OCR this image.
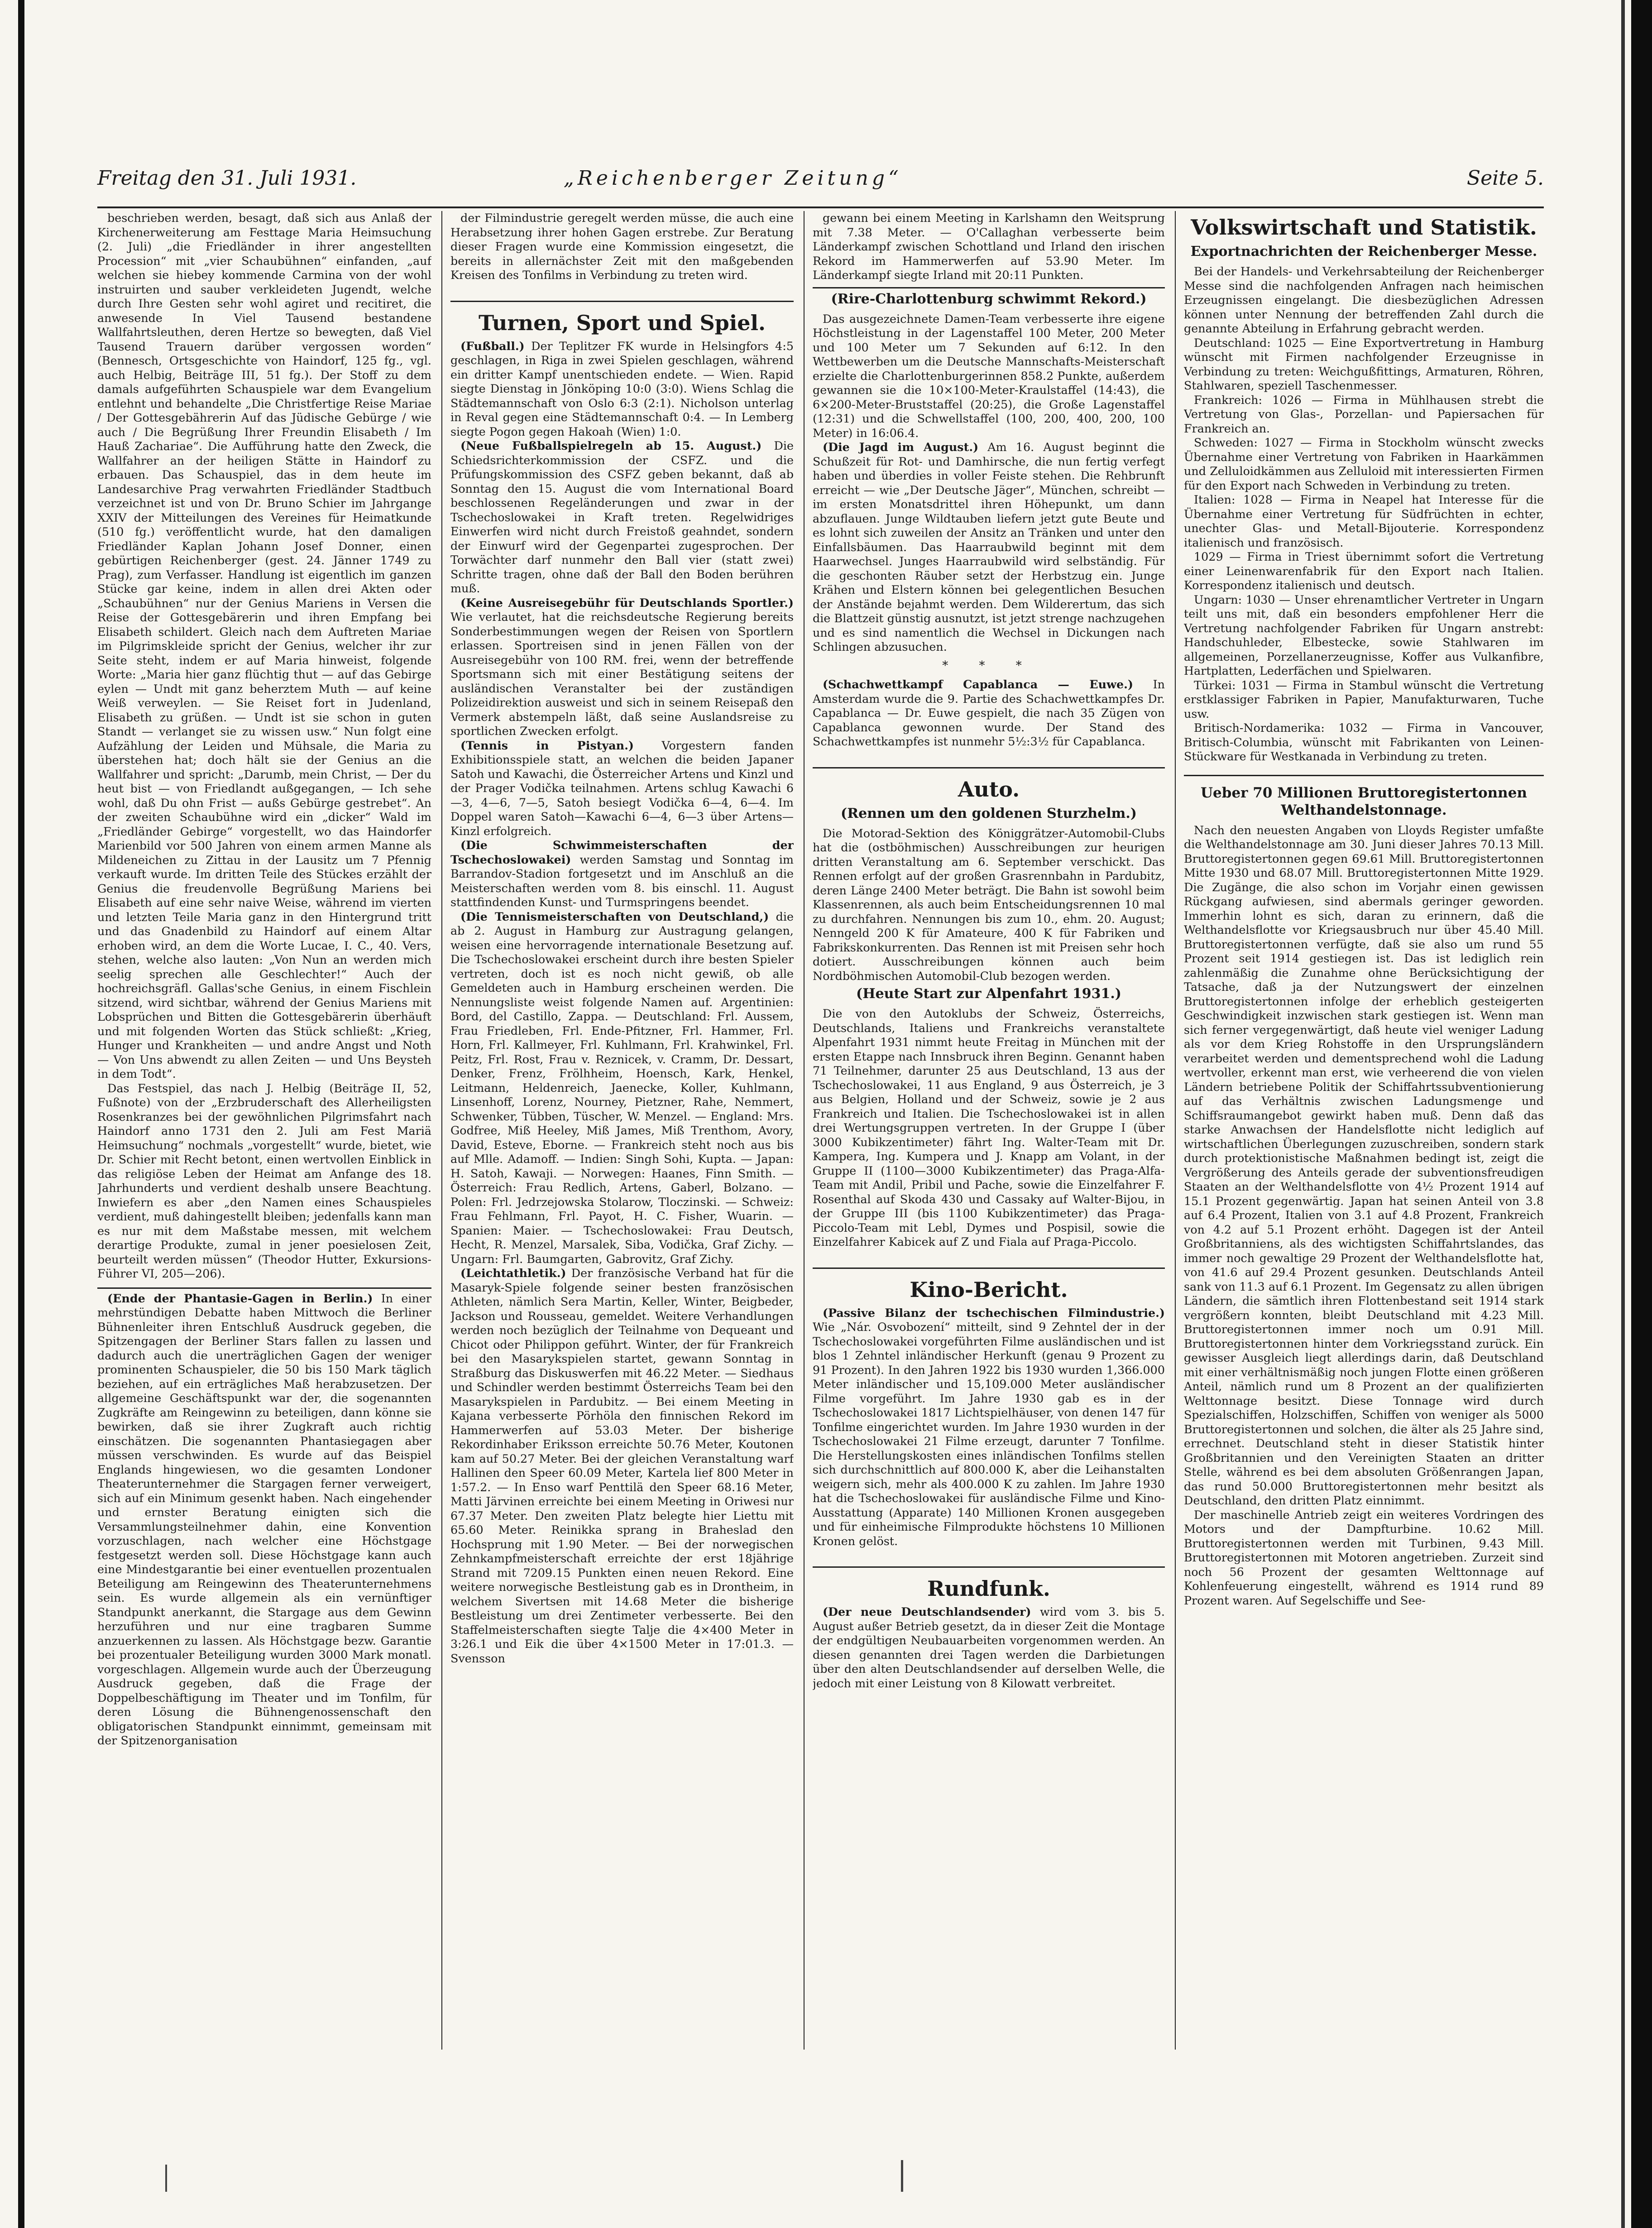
Freitag den 31. Juli 1931.	„Reichenberger Zeitung“	Seite 5.

beschrieben werden, besagt, daß sich aus Anlaß der Kirchenerweiterung am Festtage Maria Heimsuchung (2. Juli) „die Friedländer in ihrer angestellten Procession“ mit „vier Schaubühnen“ einfanden, „auf welchen sie hiebey kommende Carmina von der wohl instruirten und sauber verkleideten Jugendt, welche durch Ihre Gesten sehr wohl agiret und recitiret, die anwesende In Viel Tausend bestandene Wallfahrtsleuthen, deren Hertze so bewegten, daß Viel Tausend Trauern darüber vergossen worden“ (Bennesch, Ortsgeschichte von Haindorf, 125 fg., vgl. auch Helbig, Beiträge III, 51 fg.). Der Stoff zu dem damals aufgeführten Schauspiele war dem Evangelium entlehnt und behandelte „Die Christfertige Reise Mariae / Der Gottesgebährerin Auf das Jüdische Gebürge / wie auch / Die Begrüßung Ihrer Freundin Elisabeth / Im Hauß Zachariae“. Die Aufführung hatte den Zweck, die Wallfahrer an der heiligen Stätte in Haindorf zu erbauen. Das Schauspiel, das in dem heute im Landesarchive Prag verwahrten Friedländer Stadtbuch verzeichnet ist und von Dr. Bruno Schier im Jahrgange XXIV der Mitteilungen des Vereines für Heimatkunde (510 fg.) veröffentlicht wurde, hat den damaligen Friedländer Kaplan Johann Josef Donner, einen gebürtigen Reichenberger (gest. 24. Jänner 1749 zu Prag), zum Verfasser. Handlung ist eigentlich im ganzen Stücke gar keine, indem in allen drei Akten oder „Schaubühnen“ nur der Genius Mariens in Versen die Reise der Gottesgebärerin und ihren Empfang bei Elisabeth schildert. Gleich nach dem Auftreten Mariae im Pilgrimskleide spricht der Genius, welcher ihr zur Seite steht, indem er auf Maria hinweist, folgende Worte: „Maria hier ganz flüchtig thut — auf das Gebirge eylen — Undt mit ganz beherztem Muth — auf keine Weiß verweylen. — Sie Reiset fort in Judenland, Elisabeth zu grüßen. — Undt ist sie schon in guten Standt — verlanget sie zu wissen usw.“ Nun folgt eine Aufzählung der Leiden und Mühsale, die Maria zu überstehen hat; doch hält sie der Genius an die Wallfahrer und spricht: „Darumb, mein Christ, — Der du heut bist — von Friedlandt außgegangen, — Ich sehe wohl, daß Du ohn Frist — außs Gebürge gestrebet“. An der zweiten Schaubühne wird ein „dicker“ Wald im „Friedländer Gebirge“ vorgestellt, wo das Haindorfer Marienbild vor 500 Jahren von einem armen Manne als Mildeneichen zu Zittau in der Lausitz um 7 Pfennig verkauft wurde. Im dritten Teile des Stückes erzählt der Genius die freudenvolle Begrüßung Mariens bei Elisabeth auf eine sehr naive Weise, während im vierten und letzten Teile Maria ganz in den Hintergrund tritt und das Gnadenbild zu Haindorf auf einem Altar erhoben wird, an dem die Worte Lucae, I. C., 40. Vers, stehen, welche also lauten: „Von Nun an werden mich seelig sprechen alle Geschlechter!“ Auch der hochreichsgräfl. Gallas'sche Genius, in einem Fischlein sitzend, wird sichtbar, während der Genius Mariens mit Lobsprüchen und Bitten die Gottesgebärerin überhäuft und mit folgenden Worten das Stück schließt: „Krieg, Hunger und Krankheiten — und andre Angst und Noth — Von Uns abwendt zu allen Zeiten — und Uns Beysteh in dem Todt“.

Das Festspiel, das nach J. Helbig (Beiträge II, 52, Fußnote) von der „Erzbruderschaft des Allerheiligsten Rosenkranzes bei der gewöhnlichen Pilgrimsfahrt nach Haindorf anno 1731 den 2. Juli am Fest Mariä Heimsuchung“ nochmals „vorgestellt“ wurde, bietet, wie Dr. Schier mit Recht betont, einen wertvollen Einblick in das religiöse Leben der Heimat am Anfange des 18. Jahrhunderts und verdient deshalb unsere Beachtung. Inwiefern es aber „den Namen eines Schauspieles verdient, muß dahingestellt bleiben; jedenfalls kann man es nur mit dem Maßstabe messen, mit welchem derartige Produkte, zumal in jener poesielosen Zeit, beurteilt werden müssen“ (Theodor Hutter, Exkursions-Führer VI, 205—206).

(Ende der Phantasie-Gagen in Berlin.) In einer mehrstündigen Debatte haben Mittwoch die Berliner Bühnenleiter ihren Entschluß Ausdruck gegeben, die Spitzengagen der Berliner Stars fallen zu lassen und dadurch auch die unerträglichen Gagen der weniger prominenten Schauspieler, die 50 bis 150 Mark täglich beziehen, auf ein erträgliches Maß herabzusetzen. Der allgemeine Geschäftspunkt war der, die sogenannten Zugkräfte am Reingewinn zu beteiligen, dann könne sie bewirken, daß sie ihrer Zugkraft auch richtig einschätzen. Die sogenannten Phantasiegagen aber müssen verschwinden. Es wurde auf das Beispiel Englands hingewiesen, wo die gesamten Londoner Theaterunternehmer die Stargagen ferner verweigert, sich auf ein Minimum gesenkt haben. Nach eingehender und ernster Beratung einigten sich die Versammlungsteilnehmer dahin, eine Konvention vorzuschlagen, nach welcher eine Höchstgage festgesetzt werden soll. Diese Höchstgage kann auch eine Mindestgarantie bei einer eventuellen prozentualen Beteiligung am Reingewinn des Theaterunternehmens sein. Es wurde allgemein als ein vernünftiger Standpunkt anerkannt, die Stargage aus dem Gewinn herzuführen und nur eine tragbaren Summe anzuerkennen zu lassen. Als Höchstgage bezw. Garantie bei prozentualer Beteiligung wurden 3000 Mark monatl. vorgeschlagen. Allgemein wurde auch der Überzeugung Ausdruck gegeben, daß die Frage der Doppelbeschäftigung im Theater und im Tonfilm, für deren Lösung die Bühnengenossenschaft den obligatorischen Standpunkt einnimmt, gemeinsam mit der Spitzenorganisation

der Filmindustrie geregelt werden müsse, die auch eine Herabsetzung ihrer hohen Gagen erstrebe. Zur Beratung dieser Fragen wurde eine Kommission eingesetzt, die bereits in allernächster Zeit mit den maßgebenden Kreisen des Tonfilms in Verbindung zu treten wird.

Turnen, Sport und Spiel.

(Fußball.) Der Teplitzer FK wurde in Helsingfors 4:5 geschlagen, in Riga in zwei Spielen geschlagen, während ein dritter Kampf unentschieden endete. — Wien. Rapid siegte Dienstag in Jönköping 10:0 (3:0). Wiens Schlag die Städtemannschaft von Oslo 6:3 (2:1). Nicholson unterlag in Reval gegen eine Städtemannschaft 0:4. — In Lemberg siegte Pogon gegen Hakoah (Wien) 1:0.

(Neue Fußballspielregeln ab 15. August.) Die Schiedsrichterkommission der CSFZ. und die Prüfungskommission des CSFZ geben bekannt, daß ab Sonntag den 15. August die vom International Board beschlossenen Regeländerungen und zwar in der Tschechoslowakei in Kraft treten. Regelwidriges Einwerfen wird nicht durch Freistoß geahndet, sondern der Einwurf wird der Gegenpartei zugesprochen. Der Torwächter darf nunmehr den Ball vier (statt zwei) Schritte tragen, ohne daß der Ball den Boden berühren muß.

(Keine Ausreisegebühr für Deutschlands Sportler.) Wie verlautet, hat die reichsdeutsche Regierung bereits Sonderbestimmungen wegen der Reisen von Sportlern erlassen. Sportreisen sind in jenen Fällen von der Ausreisegebühr von 100 RM. frei, wenn der betreffende Sportsmann sich mit einer Bestätigung seitens der ausländischen Veranstalter bei der zuständigen Polizeidirektion ausweist und sich in seinem Reisepaß den Vermerk abstempeln läßt, daß seine Auslandsreise zu sportlichen Zwecken erfolgt.

(Tennis in Pistyan.) Vorgestern fanden Exhibitionsspiele statt, an welchen die beiden Japaner Satoh und Kawachi, die Österreicher Artens und Kinzl und der Prager Vodička teilnahmen. Artens schlug Kawachi 6—3, 4—6, 7—5, Satoh besiegt Vodička 6—4, 6—4. Im Doppel waren Satoh—Kawachi 6—4, 6—3 über Artens—Kinzl erfolgreich.

(Die Schwimmeisterschaften der Tschechoslowakei) werden Samstag und Sonntag im Barrandov-Stadion fortgesetzt und im Anschluß an die Meisterschaften werden vom 8. bis einschl. 11. August stattfindenden Kunst- und Turmspringens beendet.

(Die Tennismeisterschaften von Deutschland,) die ab 2. August in Hamburg zur Austragung gelangen, weisen eine hervorragende internationale Besetzung auf. Die Tschechoslowakei erscheint durch ihre besten Spieler vertreten, doch ist es noch nicht gewiß, ob alle Gemeldeten auch in Hamburg erscheinen werden. Die Nennungsliste weist folgende Namen auf. Argentinien: Bord, del Castillo, Zappa. — Deutschland: Frl. Aussem, Frau Friedleben, Frl. Ende-Pfitzner, Frl. Hammer, Frl. Horn, Frl. Kallmeyer, Frl. Kuhlmann, Frl. Krahwinkel, Frl. Peitz, Frl. Rost, Frau v. Reznicek, v. Cramm, Dr. Dessart, Denker, Frenz, Frölhheim, Hoensch, Kark, Henkel, Leitmann, Heldenreich, Jaenecke, Koller, Kuhlmann, Linsenhoff, Lorenz, Nourney, Pietzner, Rahe, Nemmert, Schwenker, Tübben, Tüscher, W. Menzel. — England: Mrs. Godfree, Miß Heeley, Miß James, Miß Trenthom, Avory, David, Esteve, Eborne. — Frankreich steht noch aus bis auf Mlle. Adamoff. — Indien: Singh Sohi, Kupta. — Japan: H. Satoh, Kawaji. — Norwegen: Haanes, Finn Smith. — Österreich: Frau Redlich, Artens, Gaberl, Bolzano. — Polen: Frl. Jedrzejowska Stolarow, Tloczinski. — Schweiz: Frau Fehlmann, Frl. Payot, H. C. Fisher, Wuarin. — Spanien: Maier. — Tschechoslowakei: Frau Deutsch, Hecht, R. Menzel, Marsalek, Siba, Vodička, Graf Zichy. — Ungarn: Frl. Baumgarten, Gabrovitz, Graf Zichy.

(Leichtathletik.) Der französische Verband hat für die Masaryk-Spiele folgende seiner besten französischen Athleten, nämlich Sera Martin, Keller, Winter, Beigbeder, Jackson und Rousseau, gemeldet. Weitere Verhandlungen werden noch bezüglich der Teilnahme von Dequeant und Chicot oder Philippon geführt. Winter, der für Frankreich bei den Masarykspielen startet, gewann Sonntag in Straßburg das Diskuswerfen mit 46.22 Meter. — Siedhaus und Schindler werden bestimmt Österreichs Team bei den Masarykspielen in Pardubitz. — Bei einem Meeting in Kajana verbesserte Pörhöla den finnischen Rekord im Hammerwerfen auf 53.03 Meter. Der bisherige Rekordinhaber Eriksson erreichte 50.76 Meter, Koutonen kam auf 50.27 Meter. Bei der gleichen Veranstaltung warf Hallinen den Speer 60.09 Meter, Kartela lief 800 Meter in 1:57.2. — In Enso warf Penttilä den Speer 68.16 Meter, Matti Järvinen erreichte bei einem Meeting in Oriwesi nur 67.37 Meter. Den zweiten Platz belegte hier Liettu mit 65.60 Meter. Reinikka sprang in Braheslad den Hochsprung mit 1.90 Meter. — Bei der norwegischen Zehnkampfmeisterschaft erreichte der erst 18jährige Strand mit 7209.15 Punkten einen neuen Rekord. Eine weitere norwegische Bestleistung gab es in Drontheim, in welchem Sivertsen mit 14.68 Meter die bisherige Bestleistung um drei Zentimeter verbesserte. Bei den Staffelmeisterschaften siegte Talje die 4×400 Meter in 3:26.1 und Eik die über 4×1500 Meter in 17:01.3. — Svensson

gewann bei einem Meeting in Karlshamn den Weitsprung mit 7.38 Meter. — O'Callaghan verbesserte beim Länderkampf zwischen Schottland und Irland den irischen Rekord im Hammerwerfen auf 53.90 Meter. Im Länderkampf siegte Irland mit 20:11 Punkten.

(Rire-Charlottenburg schwimmt Rekord.)

Das ausgezeichnete Damen-Team verbesserte ihre eigene Höchstleistung in der Lagenstaffel 100 Meter, 200 Meter und 100 Meter um 7 Sekunden auf 6:12. In den Wettbewerben um die Deutsche Mannschafts-Meisterschaft erzielte die Charlottenburgerinnen 858.2 Punkte, außerdem gewannen sie die 10×100-Meter-Kraulstaffel (14:43), die 6×200-Meter-Bruststaffel (20:25), die Große Lagenstaffel (12:31) und die Schwellstaffel (100, 200, 400, 200, 100 Meter) in 16:06.4.

(Die Jagd im August.) Am 16. August beginnt die Schußzeit für Rot- und Damhirsche, die nun fertig verfegt haben und überdies in voller Feiste stehen. Die Rehbrunft erreicht — wie „Der Deutsche Jäger“, München, schreibt — im ersten Monatsdrittel ihren Höhepunkt, um dann abzuflauen. Junge Wildtauben liefern jetzt gute Beute und es lohnt sich zuweilen der Ansitz an Tränken und unter den Einfallsbäumen. Das Haarraubwild beginnt mit dem Haarwechsel. Junges Haarraubwild wird selbständig. Für die geschonten Räuber setzt der Herbstzug ein. Junge Krähen und Elstern können bei gelegentlichen Besuchen der Anstände bejahmt werden. Dem Wilderertum, das sich die Blattzeit günstig ausnutzt, ist jetzt strenge nachzugehen und es sind namentlich die Wechsel in Dickungen nach Schlingen abzusuchen.

* * *

(Schachwettkampf Capablanca — Euwe.) In Amsterdam wurde die 9. Partie des Schachwettkampfes Dr. Capablanca — Dr. Euwe gespielt, die nach 35 Zügen von Capablanca gewonnen wurde. Der Stand des Schachwettkampfes ist nunmehr 5½:3½ für Capablanca.

Auto.
(Rennen um den goldenen Sturzhelm.)

Die Motorad-Sektion des Königgrätzer-Automobil-Clubs hat die (ostböhmischen) Ausschreibungen zur heurigen dritten Veranstaltung am 6. September verschickt. Das Rennen erfolgt auf der großen Grasrennbahn in Pardubitz, deren Länge 2400 Meter beträgt. Die Bahn ist sowohl beim Klassenrennen, als auch beim Entscheidungsrennen 10 mal zu durchfahren. Nennungen bis zum 10., ehm. 20. August; Nenngeld 200 K für Amateure, 400 K für Fabriken und Fabrikskonkurrenten. Das Rennen ist mit Preisen sehr hoch dotiert. Ausschreibungen können auch beim Nordböhmischen Automobil-Club bezogen werden.

(Heute Start zur Alpenfahrt 1931.)

Die von den Autoklubs der Schweiz, Österreichs, Deutschlands, Italiens und Frankreichs veranstaltete Alpenfahrt 1931 nimmt heute Freitag in München mit der ersten Etappe nach Innsbruck ihren Beginn. Genannt haben 71 Teilnehmer, darunter 25 aus Deutschland, 13 aus der Tschechoslowakei, 11 aus England, 9 aus Österreich, je 3 aus Belgien, Holland und der Schweiz, sowie je 2 aus Frankreich und Italien. Die Tschechoslowakei ist in allen drei Wertungsgruppen vertreten. In der Gruppe I (über 3000 Kubikzentimeter) fährt Ing. Walter-Team mit Dr. Kampera, Ing. Kumpera und J. Knapp am Volant, in der Gruppe II (1100—3000 Kubikzentimeter) das Praga-Alfa-Team mit Andil, Pribil und Pache, sowie die Einzelfahrer F. Rosenthal auf Skoda 430 und Cassaky auf Walter-Bijou, in der Gruppe III (bis 1100 Kubikzentimeter) das Praga-Piccolo-Team mit Lebl, Dymes und Pospisil, sowie die Einzelfahrer Kabicek auf Z und Fiala auf Praga-Piccolo.

Kino-Bericht.

(Passive Bilanz der tschechischen Filmindustrie.) Wie „Nár. Osvobození“ mitteilt, sind 9 Zehntel der in der Tschechoslowakei vorgeführten Filme ausländischen und ist blos 1 Zehntel inländischer Herkunft (genau 9 Prozent zu 91 Prozent). In den Jahren 1922 bis 1930 wurden 1,366.000 Meter inländischer und 15,109.000 Meter ausländischer Filme vorgeführt. Im Jahre 1930 gab es in der Tschechoslowakei 1817 Lichtspielhäuser, von denen 147 für Tonfilme eingerichtet wurden. Im Jahre 1930 wurden in der Tschechoslowakei 21 Filme erzeugt, darunter 7 Tonfilme. Die Herstellungskosten eines inländischen Tonfilms stellen sich durchschnittlich auf 800.000 K, aber die Leihanstalten weigern sich, mehr als 400.000 K zu zahlen. Im Jahre 1930 hat die Tschechoslowakei für ausländische Filme und Kino-Ausstattung (Apparate) 140 Millionen Kronen ausgegeben und für einheimische Filmprodukte höchstens 10 Millionen Kronen gelöst.

Rundfunk.

(Der neue Deutschlandsender) wird vom 3. bis 5. August außer Betrieb gesetzt, da in dieser Zeit die Montage der endgültigen Neubauarbeiten vorgenommen werden. An diesen genannten drei Tagen werden die Darbietungen über den alten Deutschlandsender auf derselben Welle, die jedoch mit einer Leistung von 8 Kilowatt verbreitet.

Volkswirtschaft und Statistik.
Exportnachrichten der Reichenberger Messe.

Bei der Handels- und Verkehrsabteilung der Reichenberger Messe sind die nachfolgenden Anfragen nach heimischen Erzeugnissen eingelangt. Die diesbezüglichen Adressen können unter Nennung der betreffenden Zahl durch die genannte Abteilung in Erfahrung gebracht werden.

Deutschland: 1025 — Eine Exportvertretung in Hamburg wünscht mit Firmen nachfolgender Erzeugnisse in Verbindung zu treten: Weichgußfittings, Armaturen, Röhren, Stahlwaren, speziell Taschenmesser.

Frankreich: 1026 — Firma in Mühlhausen strebt die Vertretung von Glas-, Porzellan- und Papiersachen für Frankreich an.

Schweden: 1027 — Firma in Stockholm wünscht zwecks Übernahme einer Vertretung von Fabriken in Haarkämmen und Zelluloidkämmen aus Zelluloid mit interessierten Firmen für den Export nach Schweden in Verbindung zu treten.

Italien: 1028 — Firma in Neapel hat Interesse für die Übernahme einer Vertretung für Südfrüchten in echter, unechter Glas- und Metall-Bijouterie. Korrespondenz italienisch und französisch.

1029 — Firma in Triest übernimmt sofort die Vertretung einer Leinenwarenfabrik für den Export nach Italien. Korrespondenz italienisch und deutsch.

Ungarn: 1030 — Unser ehrenamtlicher Vertreter in Ungarn teilt uns mit, daß ein besonders empfohlener Herr die Vertretung nachfolgender Fabriken für Ungarn anstrebt: Handschuhleder, Elbestecke, sowie Stahlwaren im allgemeinen, Porzellanerzeugnisse, Koffer aus Vulkanfibre, Hartplatten, Lederfächen und Spielwaren.

Türkei: 1031 — Firma in Stambul wünscht die Vertretung erstklassiger Fabriken in Papier, Manufakturwaren, Tuche usw.

Britisch-Nordamerika: 1032 — Firma in Vancouver, Britisch-Columbia, wünscht mit Fabrikanten von Leinen-Stückware für Westkanada in Verbindung zu treten.

Ueber 70 Millionen Bruttoregistertonnen Welthandelstonnage.

Nach den neuesten Angaben von Lloyds Register umfaßte die Welthandelstonnage am 30. Juni dieser Jahres 70.13 Mill. Bruttoregistertonnen gegen 69.61 Mill. Bruttoregistertonnen Mitte 1930 und 68.07 Mill. Bruttoregistertonnen Mitte 1929. Die Zugänge, die also schon im Vorjahr einen gewissen Rückgang aufwiesen, sind abermals geringer geworden. Immerhin lohnt es sich, daran zu erinnern, daß die Welthandelsflotte vor Kriegsausbruch nur über 45.40 Mill. Bruttoregistertonnen verfügte, daß sie also um rund 55 Prozent seit 1914 gestiegen ist. Das ist lediglich rein zahlenmäßig die Zunahme ohne Berücksichtigung der Tatsache, daß ja der Nutzungswert der einzelnen Bruttoregistertonnen infolge der erheblich gesteigerten Geschwindigkeit inzwischen stark gestiegen ist. Wenn man sich ferner vergegenwärtigt, daß heute viel weniger Ladung als vor dem Krieg Rohstoffe in den Ursprungsländern verarbeitet werden und dementsprechend wohl die Ladung wertvoller, erkennt man erst, wie verheerend die von vielen Ländern betriebene Politik der Schiffahrtssubventionierung auf das Verhältnis zwischen Ladungsmenge und Schiffsraumangebot gewirkt haben muß. Denn daß das starke Anwachsen der Handelsflotte nicht lediglich auf wirtschaftlichen Überlegungen zuzuschreiben, sondern stark durch protektionistische Maßnahmen bedingt ist, zeigt die Vergrößerung des Anteils gerade der subventionsfreudigen Staaten an der Welthandelsflotte von 4½ Prozent 1914 auf 15.1 Prozent gegenwärtig. Japan hat seinen Anteil von 3.8 auf 6.4 Prozent, Italien von 3.1 auf 4.8 Prozent, Frankreich von 4.2 auf 5.1 Prozent erhöht. Dagegen ist der Anteil Großbritanniens, als des wichtigsten Schiffahrtslandes, das immer noch gewaltige 29 Prozent der Welthandelsflotte hat, von 41.6 auf 29.4 Prozent gesunken. Deutschlands Anteil sank von 11.3 auf 6.1 Prozent. Im Gegensatz zu allen übrigen Ländern, die sämtlich ihren Flottenbestand seit 1914 stark vergrößern konnten, bleibt Deutschland mit 4.23 Mill. Bruttoregistertonnen immer noch um 0.91 Mill. Bruttoregistertonnen hinter dem Vorkriegsstand zurück. Ein gewisser Ausgleich liegt allerdings darin, daß Deutschland mit einer verhältnismäßig noch jungen Flotte einen größeren Anteil, nämlich rund um 8 Prozent an der qualifizierten Welttonnage besitzt. Diese Tonnage wird durch Spezialschiffen, Holzschiffen, Schiffen von weniger als 5000 Bruttoregistertonnen und solchen, die älter als 25 Jahre sind, errechnet. Deutschland steht in dieser Statistik hinter Großbritannien und den Vereinigten Staaten an dritter Stelle, während es bei dem absoluten Größenrangen Japan, das rund 50.000 Bruttoregistertonnen mehr besitzt als Deutschland, den dritten Platz einnimmt.

Der maschinelle Antrieb zeigt ein weiteres Vordringen des Motors und der Dampfturbine. 10.62 Mill. Bruttoregistertonnen werden mit Turbinen, 9.43 Mill. Bruttoregistertonnen mit Motoren angetrieben. Zurzeit sind noch 56 Prozent der gesamten Welttonnage auf Kohlenfeuerung eingestellt, während es 1914 rund 89 Prozent waren. Auf Segelschiffe und See-
